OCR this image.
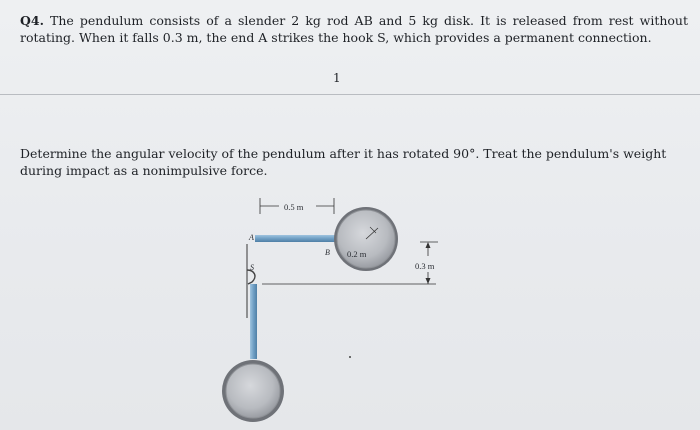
Q4. The pendulum consists of a slender 2 kg rod AB and 5 kg disk. It is released from rest without rotating. When it falls 0.3 m, the end A strikes the hook S, which provides a permanent connection.
1
Determine the angular velocity of the pendulum after it has rotated 90°. Treat the pendulum's weight during impact as a nonimpulsive force.
0.5 m
A
B 0.2 m
0.3 m
S
